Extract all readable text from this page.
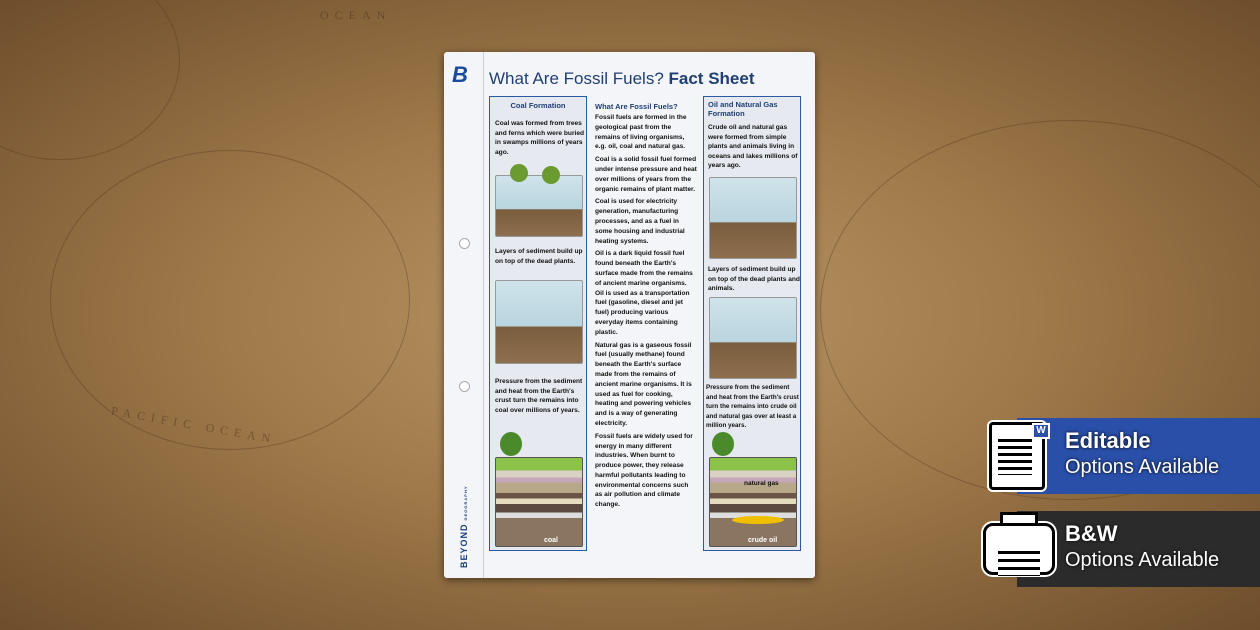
OCEAN
PACIFIC OCEAN
B
BEYONDGEOGRAPHY
What Are Fossil Fuels? Fact Sheet
Coal Formation
Coal was formed from trees and ferns which were buried in swamps millions of years ago.
Layers of sediment build up on top of the dead plants.
Pressure from the sediment and heat from the Earth's crust turn the remains into coal over millions of years.
coal
What Are Fossil Fuels?
Fossil fuels are formed in the geological past from the remains of living organisms, e.g. oil, coal and natural gas.
Coal is a solid fossil fuel formed under intense pressure and heat over millions of years from the organic remains of plant matter.
Coal is used for electricity generation, manufacturing processes, and as a fuel in some housing and industrial heating systems.
Oil is a dark liquid fossil fuel found beneath the Earth's surface made from the remains of ancient marine organisms. Oil is used as a transportation fuel (gasoline, diesel and jet fuel) producing various everyday items containing plastic.
Natural gas is a gaseous fossil fuel (usually methane) found beneath the Earth's surface made from the remains of ancient marine organisms. It is used as fuel for cooking, heating and powering vehicles and is a way of generating electricity.
Fossil fuels are widely used for energy in many different industries. When burnt to produce power, they release harmful pollutants leading to environmental concerns such as air pollution and climate change.
Oil and Natural Gas Formation
Crude oil and natural gas were formed from simple plants and animals living in oceans and lakes millions of years ago.
Layers of sediment build up on top of the dead plants and animals.
Pressure from the sediment and heat from the Earth's crust turn the remains into crude oil and natural gas over at least a million years.
natural gas
crude oil
W Editable
Options Available
B&W
Options Available
